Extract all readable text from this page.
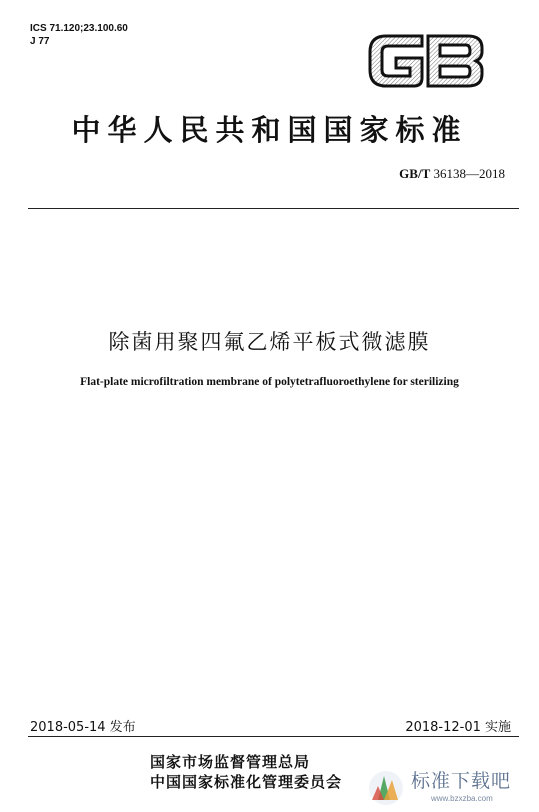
ICS 71.120;23.100.60
J 77
中华人民共和国国家标准
GB/T 36138—2018
除菌用聚四氟乙烯平板式微滤膜
Flat-plate microfiltration membrane of polytetrafluoroethylene for sterilizing
2018-05-14 发布	2018-12-01 实施
国家市场监督管理总局
中国国家标准化管理委员会	标准下载吧
www.bzxzba.com
